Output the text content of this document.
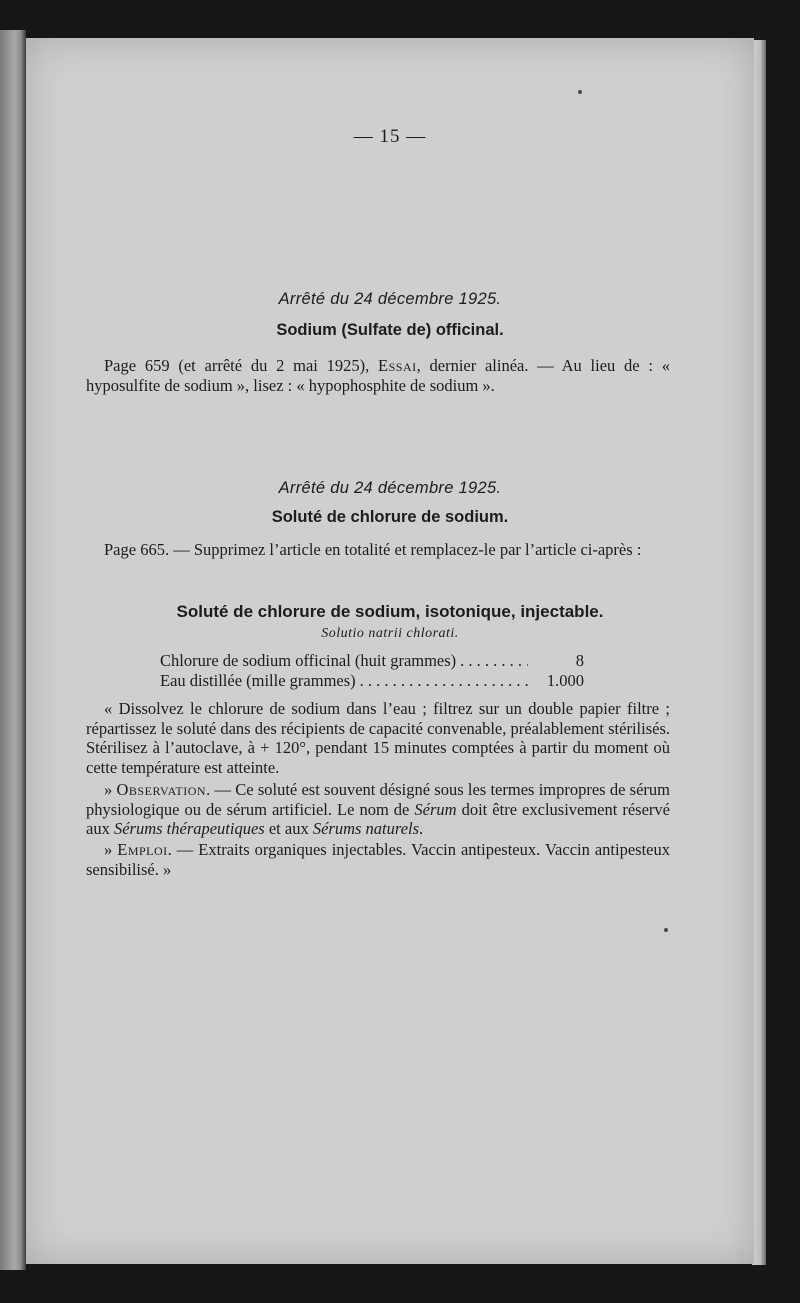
— 15 —
Arrêté du 24 décembre 1925.
Sodium (Sulfate de) officinal.

Page 659 (et arrêté du 2 mai 1925), Essai, dernier alinéa. — Au lieu de : « hyposulfite de sodium », lisez : « hypophosphite de sodium ».

Arrêté du 24 décembre 1925.
Soluté de chlorure de sodium.

Page 665. — Supprimez l’article en totalité et remplacez-le par l’article ci-après :

Soluté de chlorure de sodium, isotonique, injectable.
Solutio natrii chlorati.
Chlorure de sodium officinal (huit grammes) . . .	8
Eau distillée (mille grammes) . . .	1.000

« Dissolvez le chlorure de sodium dans l’eau ; filtrez sur un double papier filtre ; répartissez le soluté dans des récipients de capacité convenable, préalablement stérilisés. Stérilisez à l’autoclave, à + 120°, pendant 15 minutes comptées à partir du moment où cette température est atteinte.

» Observation. — Ce soluté est souvent désigné sous les termes impropres de sérum physiologique ou de sérum artificiel. Le nom de Sérum doit être exclusivement réservé aux Sérums thérapeutiques et aux Sérums naturels.

» Emploi. — Extraits organiques injectables. Vaccin antipesteux. Vaccin antipesteux sensibilisé. »
